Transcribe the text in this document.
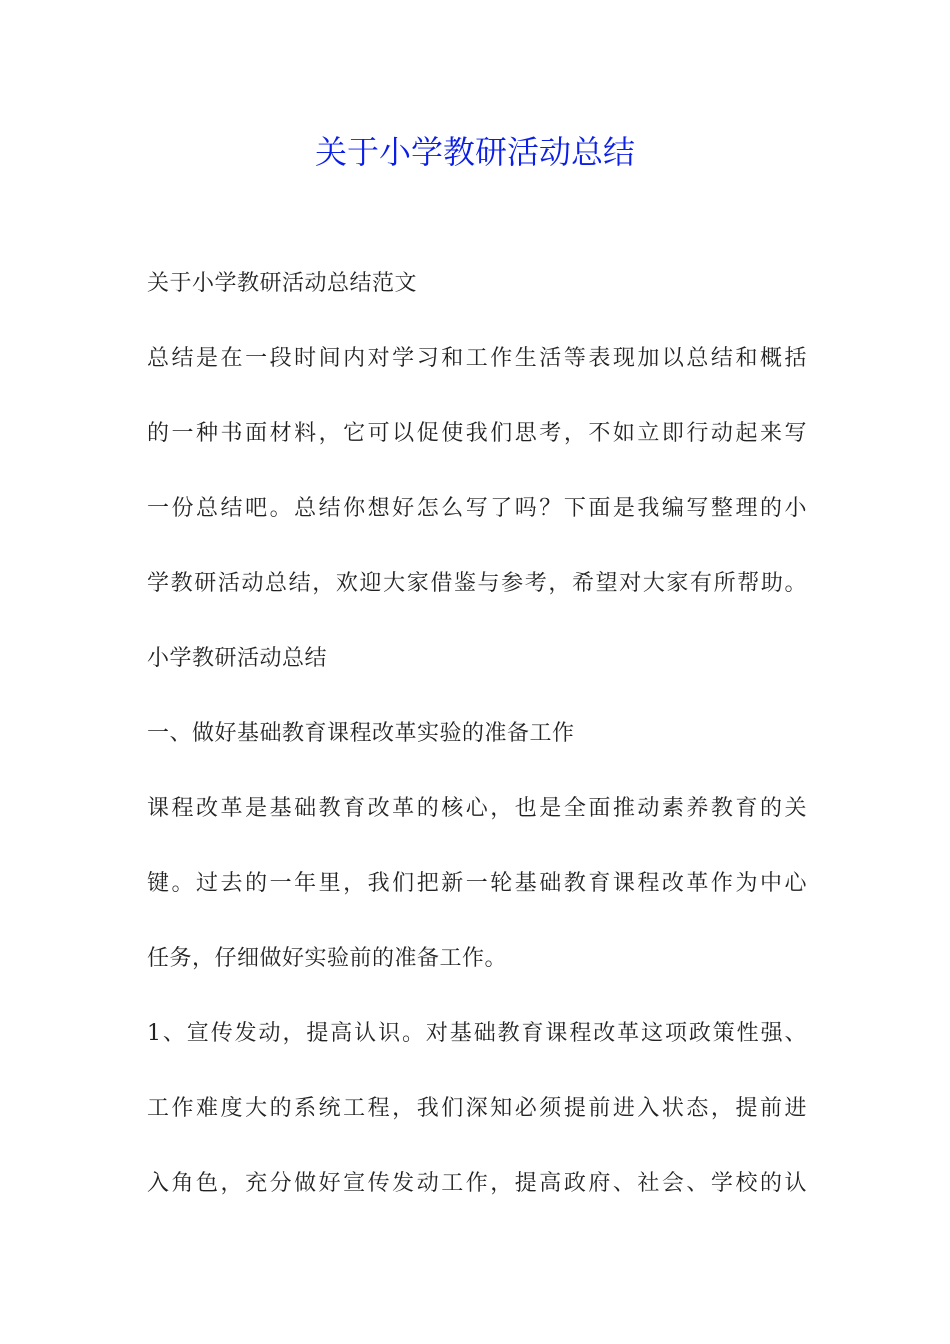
关于小学教研活动总结

关于小学教研活动总结范文

总结是在一段时间内对学习和工作生活等表现加以总结和概括

的一种书面材料，它可以促使我们思考，不如立即行动起来写

一份总结吧。总结你想好怎么写了吗？下面是我编写整理的小

学教研活动总结，欢迎大家借鉴与参考，希望对大家有所帮助。

小学教研活动总结

一、做好基础教育课程改革实验的准备工作

课程改革是基础教育改革的核心，也是全面推动素养教育的关

键。过去的一年里，我们把新一轮基础教育课程改革作为中心

任务，仔细做好实验前的准备工作。

1、宣传发动，提高认识。对基础教育课程改革这项政策性强、

工作难度大的系统工程，我们深知必须提前进入状态，提前进

入角色，充分做好宣传发动工作，提高政府、社会、学校的认
